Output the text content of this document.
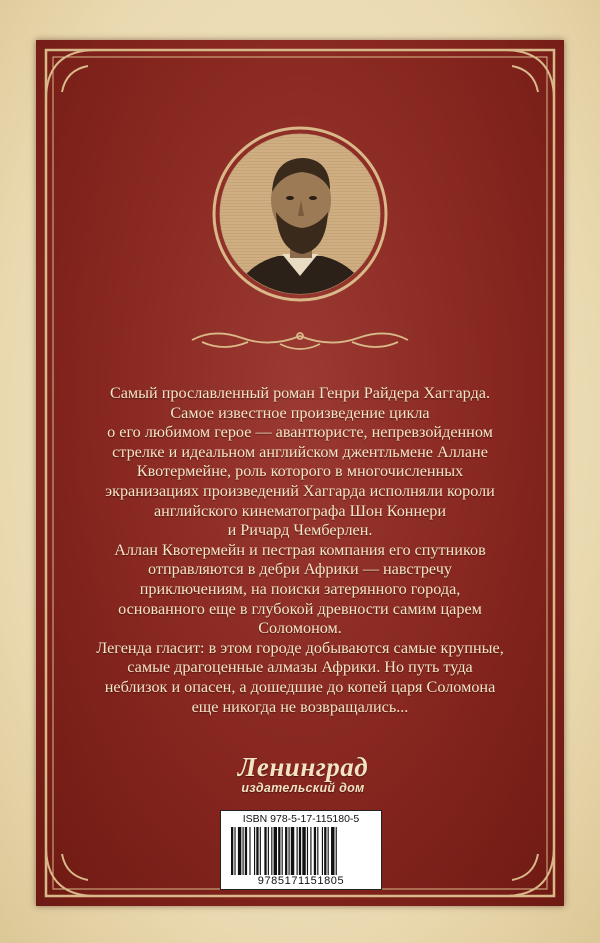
Самый прославленный роман Генри Райдера Хаггарда.
Самое известное произведение цикла
о его любимом герое — авантюристе, непревзойденном
стрелке и идеальном английском джентльмене Аллане
Квотермейне, роль которого в многочисленных
экранизациях произведений Хаггарда исполняли короли
английского кинематографа Шон Коннери
и Ричард Чемберлен.

Аллан Квотермейн и пестрая компания его спутников
отправляются в дебри Африки — навстречу
приключениям, на поиски затерянного города,
основанного еще в глубокой древности самим царем
Соломоном.

Легенда гласит: в этом городе добываются самые крупные,
самые драгоценные алмазы Африки. Но путь туда
неблизок и опасен, а дошедшие до копей царя Соломона
еще никогда не возвращались...

Ленинград
издательский дом
ISBN 978-5-17-115180-5
9785171151805
